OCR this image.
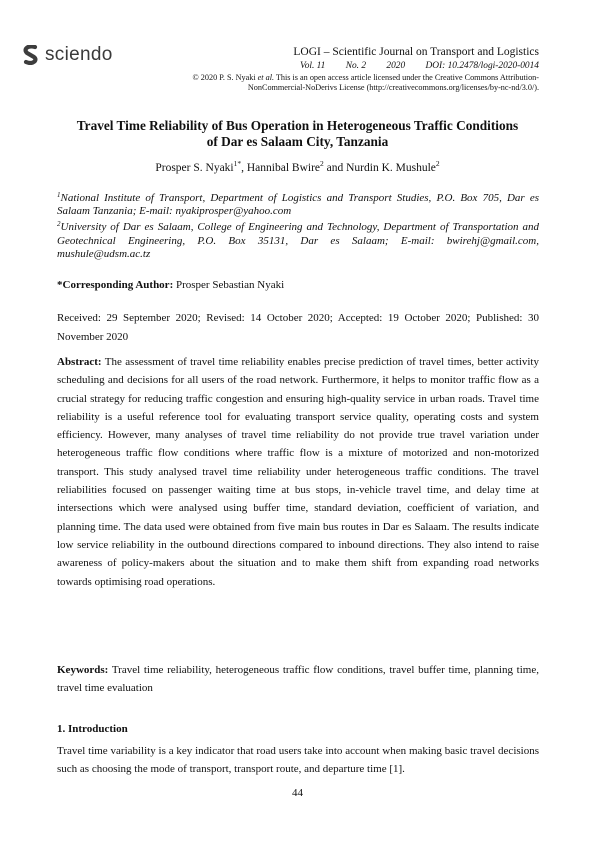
sciendo	LOGI – Scientific Journal on Transport and Logistics
Vol. 11 No. 2 2020 DOI: 10.2478/logi-2020-0014
© 2020 P. S. Nyaki et al. This is an open access article licensed under the Creative Commons Attribution-
NonCommercial-NoDerivs License (http://creativecommons.org/licenses/by-nc-nd/3.0/).
Travel Time Reliability of Bus Operation in Heterogeneous Traffic Conditions
of Dar es Salaam City, Tanzania
Prosper S. Nyaki$^{1*}$, Hannibal Bwire$^2$ and Nurdin K. Mushule$^2$

$^1$National Institute of Transport, Department of Logistics and Transport Studies, P.O. Box 705, Dar es Salaam Tanzania; E-mail: nyakiprosper@yahoo.com

$^2$University of Dar es Salaam, College of Engineering and Technology, Department of Transportation and Geotechnical Engineering, P.O. Box 35131, Dar es Salaam; E-mail: bwirehj@gmail.com, mushule@udsm.ac.tz

*Corresponding Author: Prosper Sebastian Nyaki
Received: 29 September 2020; Revised: 14 October 2020; Accepted: 19 October 2020; Published: 30 November 2020
Abstract: The assessment of travel time reliability enables precise prediction of travel times, better activity scheduling and decisions for all users of the road network. Furthermore, it helps to monitor traffic flow as a crucial strategy for reducing traffic congestion and ensuring high-quality service in urban roads. Travel time reliability is a useful reference tool for evaluating transport service quality, operating costs and system efficiency. However, many analyses of travel time reliability do not provide true travel variation under heterogeneous traffic flow conditions where traffic flow is a mixture of motorized and non-motorized transport. This study analysed travel time reliability under heterogeneous traffic conditions. The travel reliabilities focused on passenger waiting time at bus stops, in-vehicle travel time, and delay time at intersections which were analysed using buffer time, standard deviation, coefficient of variation, and planning time. The data used were obtained from five main bus routes in Dar es Salaam. The results indicate low service reliability in the outbound directions compared to inbound directions. They also intend to raise awareness of policy-makers about the situation and to make them shift from expanding road networks towards optimising road operations.
Keywords: Travel time reliability, heterogeneous traffic flow conditions, travel buffer time, planning time, travel time evaluation
1. Introduction
Travel time variability is a key indicator that road users take into account when making basic travel decisions such as choosing the mode of transport, transport route, and departure time [1].
44
